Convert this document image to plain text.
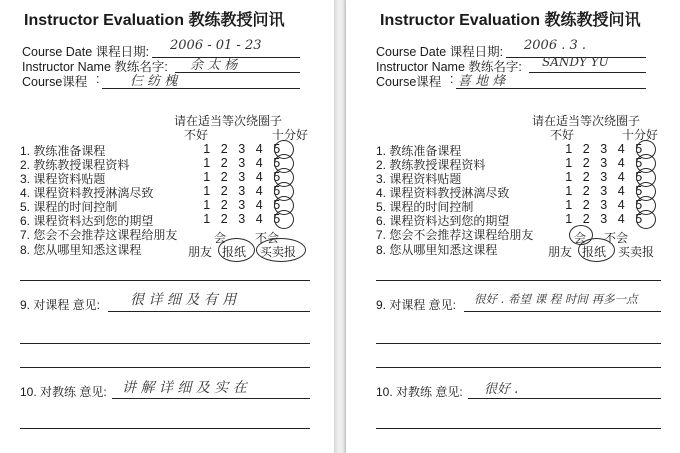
Instructor Evaluation 教练教授问讯
Course Date 课程日期: 2006 - 01 - 23
Instructor Name 教练名字: 余 太 杨
Course课程 : 仨 纺 槐
请在适当等次绕圈子
不好	十分好
1. 教练准备课程
2. 教练教授课程资料
3. 课程资料贴题
4. 课程资料教授淋漓尽致
5. 课程的时间控制
6. 课程资料达到您的期望
7. 您会不会推荐这课程给朋友
8. 您从哪里知悉这课程
1 2 3 4 5
1 2 3 4 5
1 2 3 4 5
1 2 3 4 5
1 2 3 4 5
1 2 3 4 5
会 不会
朋友 报纸 买卖报
9. 对课程 意见: 很 详 细 及 有 用
10. 对教练 意见: 讲 解 详 细 及 实 在
Instructor Evaluation 教练教授问讯
Course Date 课程日期: 2006 . 3 .
Instructor Name 教练名字: SANDY YU
Course课程 : 喜 地 烽
请在适当等次绕圈子
不好	十分好
1. 教练准备课程
2. 教练教授课程资料
3. 课程资料贴题
4. 课程资料教授淋漓尽致
5. 课程的时间控制
6. 课程资料达到您的期望
7. 您会不会推荐这课程给朋友
8. 您从哪里知悉这课程
1 2 3 4 5
1 2 3 4 5
1 2 3 4 5
1 2 3 4 5
1 2 3 4 5
1 2 3 4 5
会 不会
朋友 报纸 买卖报
9. 对课程 意见: 很好 . 希望 课 程 时间 再多一点
10. 对教练 意见: 很好 .
